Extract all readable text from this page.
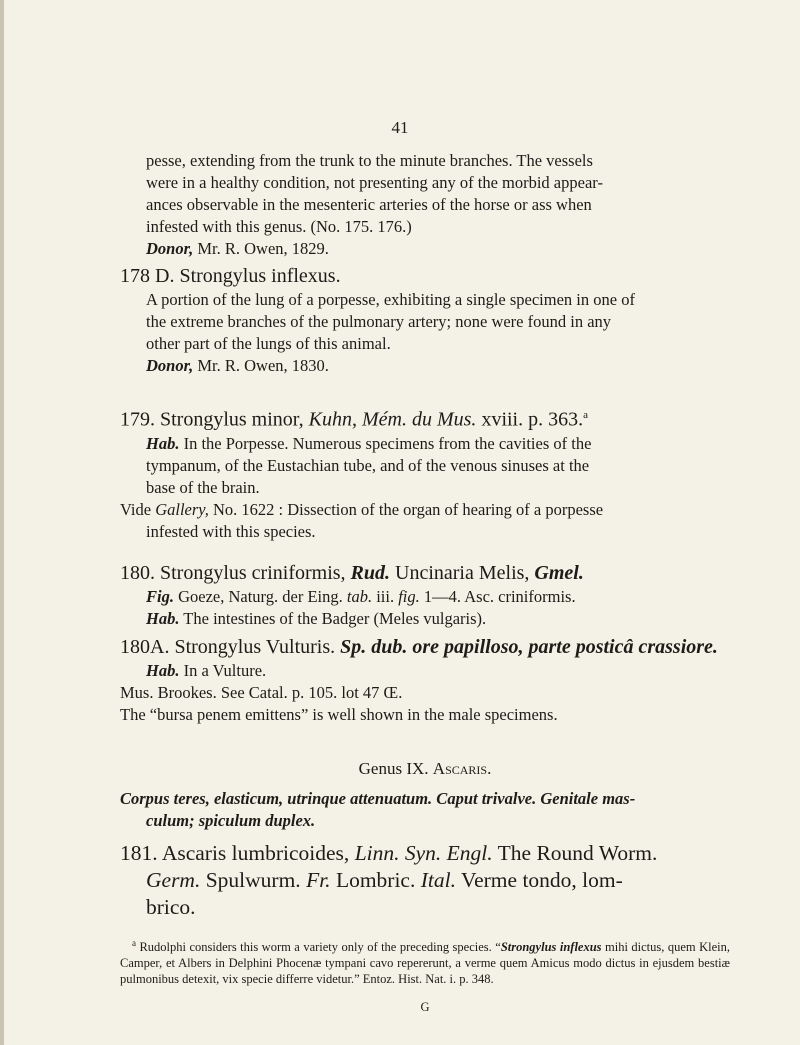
41
pesse, extending from the trunk to the minute branches. The vessels
were in a healthy condition, not presenting any of the morbid appear-
ances observable in the mesenteric arteries of the horse or ass when
infested with this genus. (No. 175. 176.)
Donor, Mr. R. Owen, 1829.
178 D. Strongylus inflexus.
A portion of the lung of a porpesse, exhibiting a single specimen in one of
the extreme branches of the pulmonary artery; none were found in any
other part of the lungs of this animal.
Donor, Mr. R. Owen, 1830.
179. Strongylus minor, Kuhn, Mém. du Mus. xviii. p. 363.$^a$
Hab. In the Porpesse. Numerous specimens from the cavities of the
tympanum, of the Eustachian tube, and of the venous sinuses at the
base of the brain.
Vide Gallery, No. 1622 : Dissection of the organ of hearing of a porpesse
infested with this species.
180. Strongylus criniformis, Rud. Uncinaria Melis, Gmel.
Fig. Goeze, Naturg. der Eing. tab. iii. fig. 1—4. Asc. criniformis.
Hab. The intestines of the Badger (Meles vulgaris).
180A. Strongylus Vulturis. Sp. dub. ore papilloso, parte posticâ crassiore.
Hab. In a Vulture.
Mus. Brookes. See Catal. p. 105. lot 47 Œ.
The “bursa penem emittens” is well shown in the male specimens.
Genus IX. Ascaris.
Corpus teres, elasticum, utrinque attenuatum. Caput trivalve. Genitale mas-
culum; spiculum duplex.
181. Ascaris lumbricoides, Linn. Syn. Engl. The Round Worm.
Germ. Spulwurm. Fr. Lombric. Ital. Verme tondo, lom-
brico.
$^a$ Rudolphi considers this worm a variety only of the preceding species. “Strongylus inflexus mihi dictus, quem Klein, Camper, et Albers in Delphini Phocenæ tympani cavo repererunt, a verme quem Amicus modo dictus in ejusdem bestiæ pulmonibus detexit, vix specie differre videtur.” Entoz. Hist. Nat. i. p. 348.
G
